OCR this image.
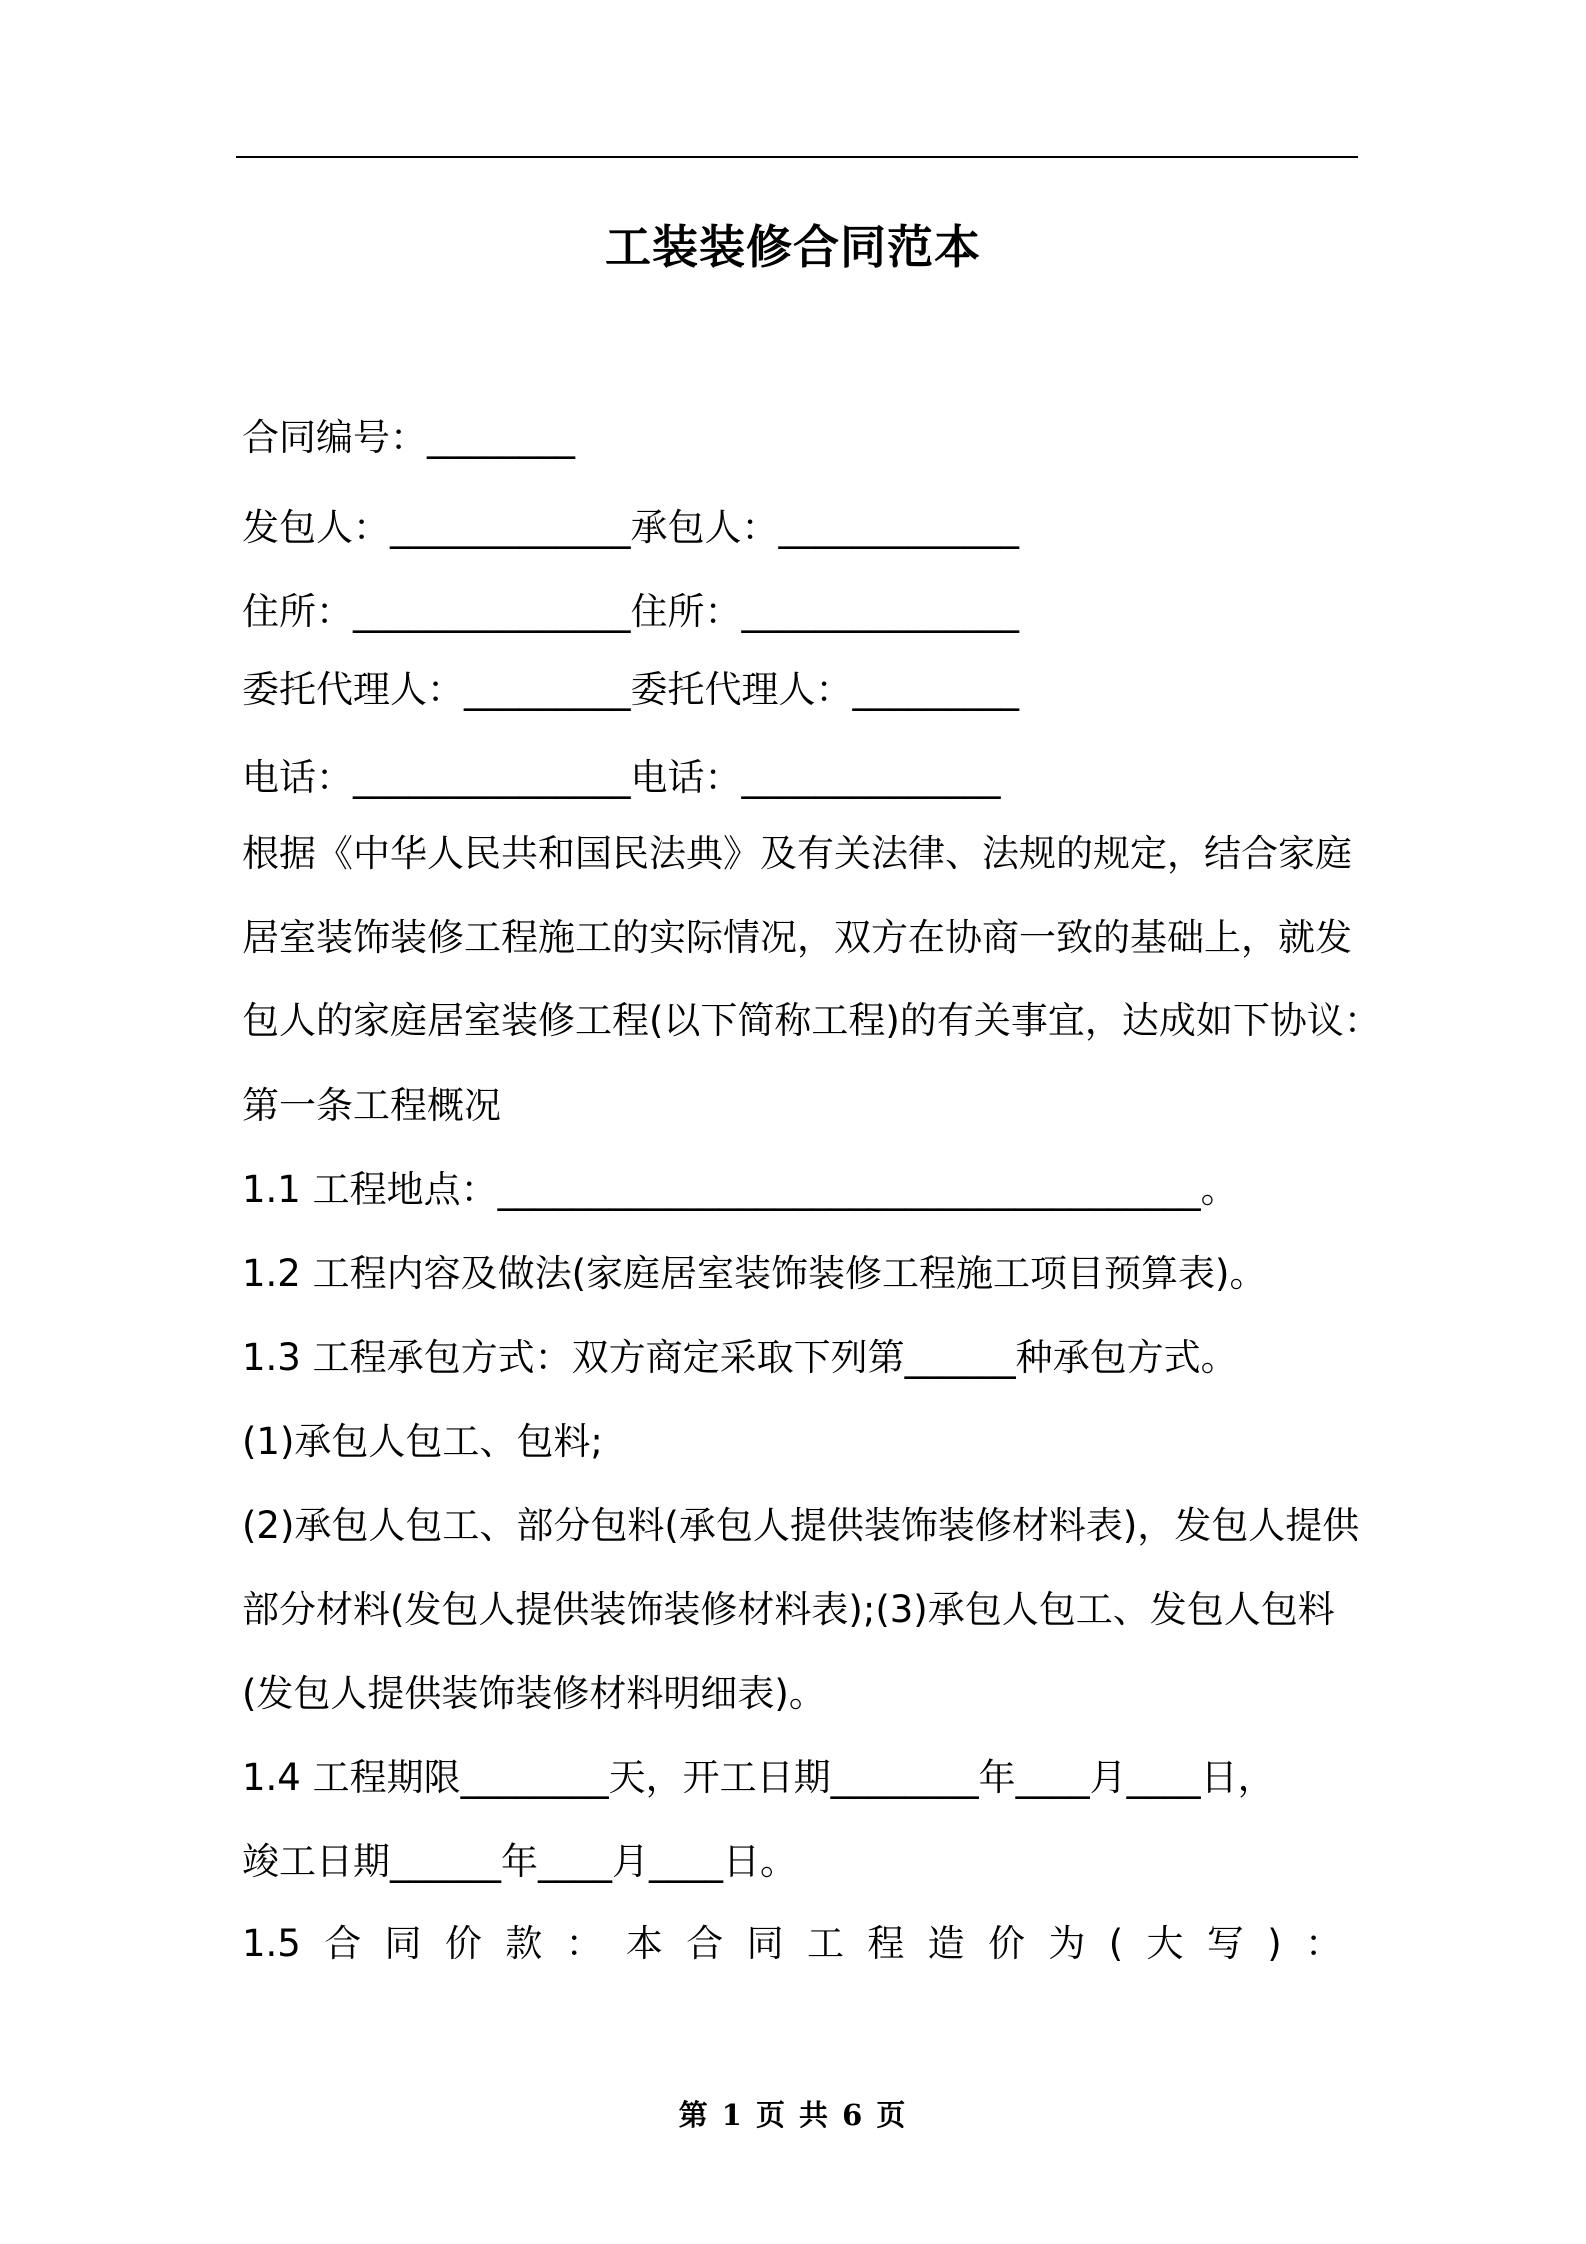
工装装修合同范本
合同编号：________
发包人：_____________承包人：_____________
住所：_______________住所：_______________
委托代理人：_________委托代理人：_________
电话：_______________电话：______________
根据《中华人民共和国民法典》及有关法律、法规的规定，结合家庭
居室装饰装修工程施工的实际情况，双方在协商一致的基础上，就发
包人的家庭居室装修工程(以下简称工程)的有关事宜，达成如下协议：
第一条工程概况
1.1 工程地点：______________________________________。
1.2 工程内容及做法(家庭居室装饰装修工程施工项目预算表)。
1.3 工程承包方式：双方商定采取下列第______种承包方式。
(1)承包人包工、包料;
(2)承包人包工、部分包料(承包人提供装饰装修材料表)，发包人提供
部分材料(发包人提供装饰装修材料表);(3)承包人包工、发包人包料
(发包人提供装饰装修材料明细表)。
1.4 工程期限________天，开工日期________年____月____日，
竣工日期______年____月____日。
1.5合同价款：本合同工程造价为(大写)：
第 1 页 共 6 页
